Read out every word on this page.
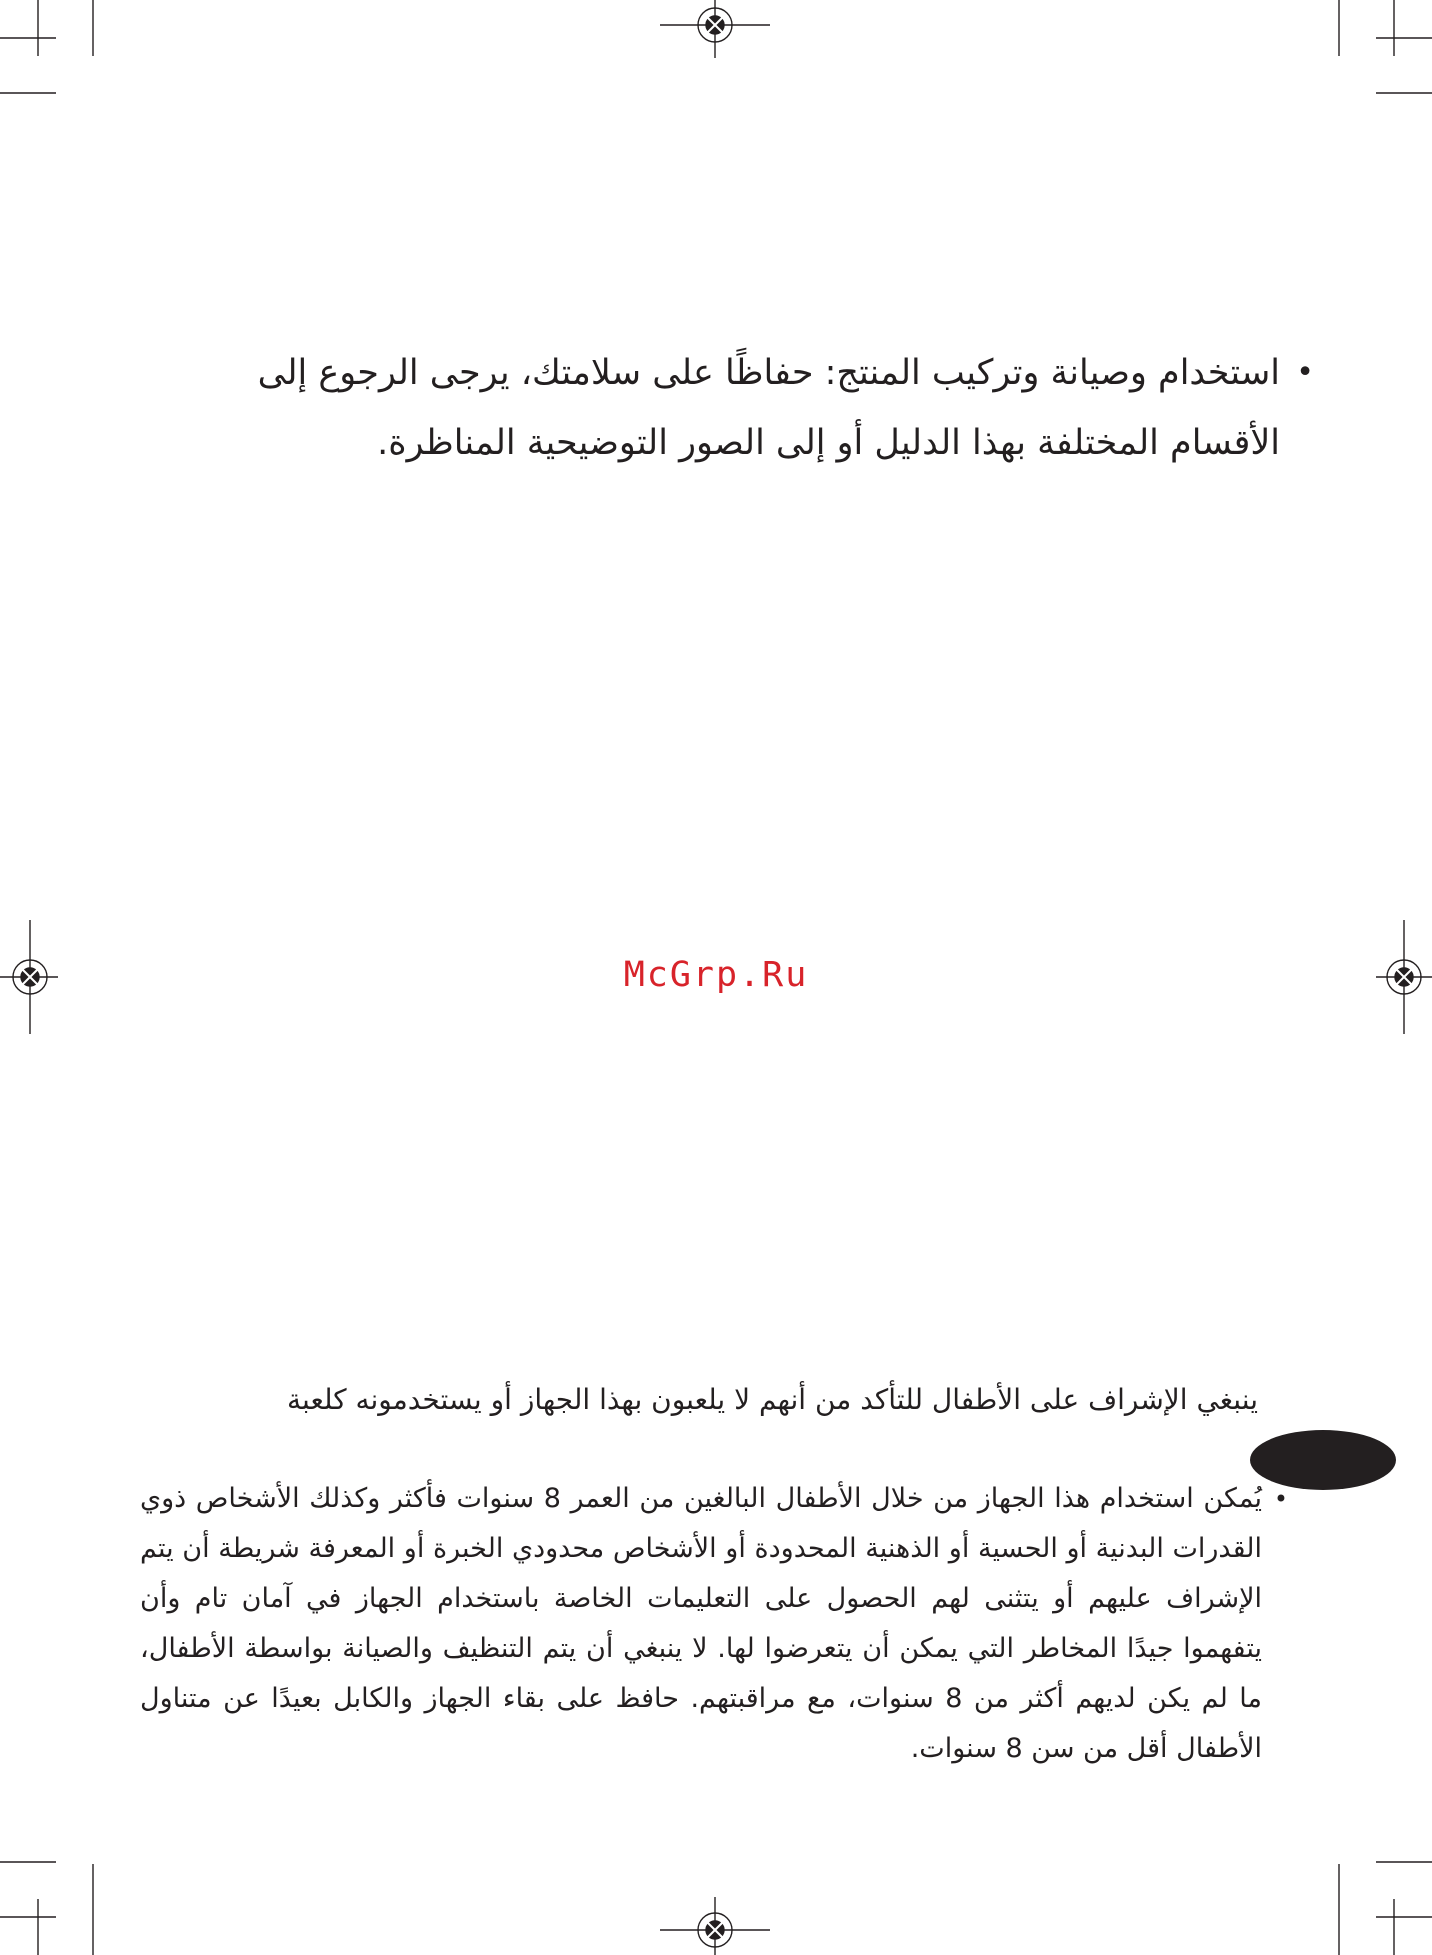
•
استخدام وصيانة وتركيب المنتج: حفاظًا على سلامتك، يرجى الرجوع إلى الأقسام المختلفة بهذا الدليل أو إلى الصور التوضيحية المناظرة.
McGrp.Ru
ينبغي الإشراف على الأطفال للتأكد من أنهم لا يلعبون بهذا الجهاز أو يستخدمونه كلعبة
•
يُمكن استخدام هذا الجهاز من خلال الأطفال البالغين من العمر 8 سنوات فأكثر وكذلك الأشخاص ذوي القدرات البدنية أو الحسية أو الذهنية المحدودة أو الأشخاص محدودي الخبرة أو المعرفة شريطة أن يتم الإشراف عليهم أو يتثنى لهم الحصول على التعليمات الخاصة باستخدام الجهاز في آمان تام وأن يتفهموا جيدًا المخاطر التي يمكن أن يتعرضوا لها. لا ينبغي أن يتم التنظيف والصيانة بواسطة الأطفال، ما لم يكن لديهم أكثر من 8 سنوات، مع مراقبتهم. حافظ على بقاء الجهاز والكابل بعيدًا عن متناول الأطفال أقل من سن 8 سنوات.
